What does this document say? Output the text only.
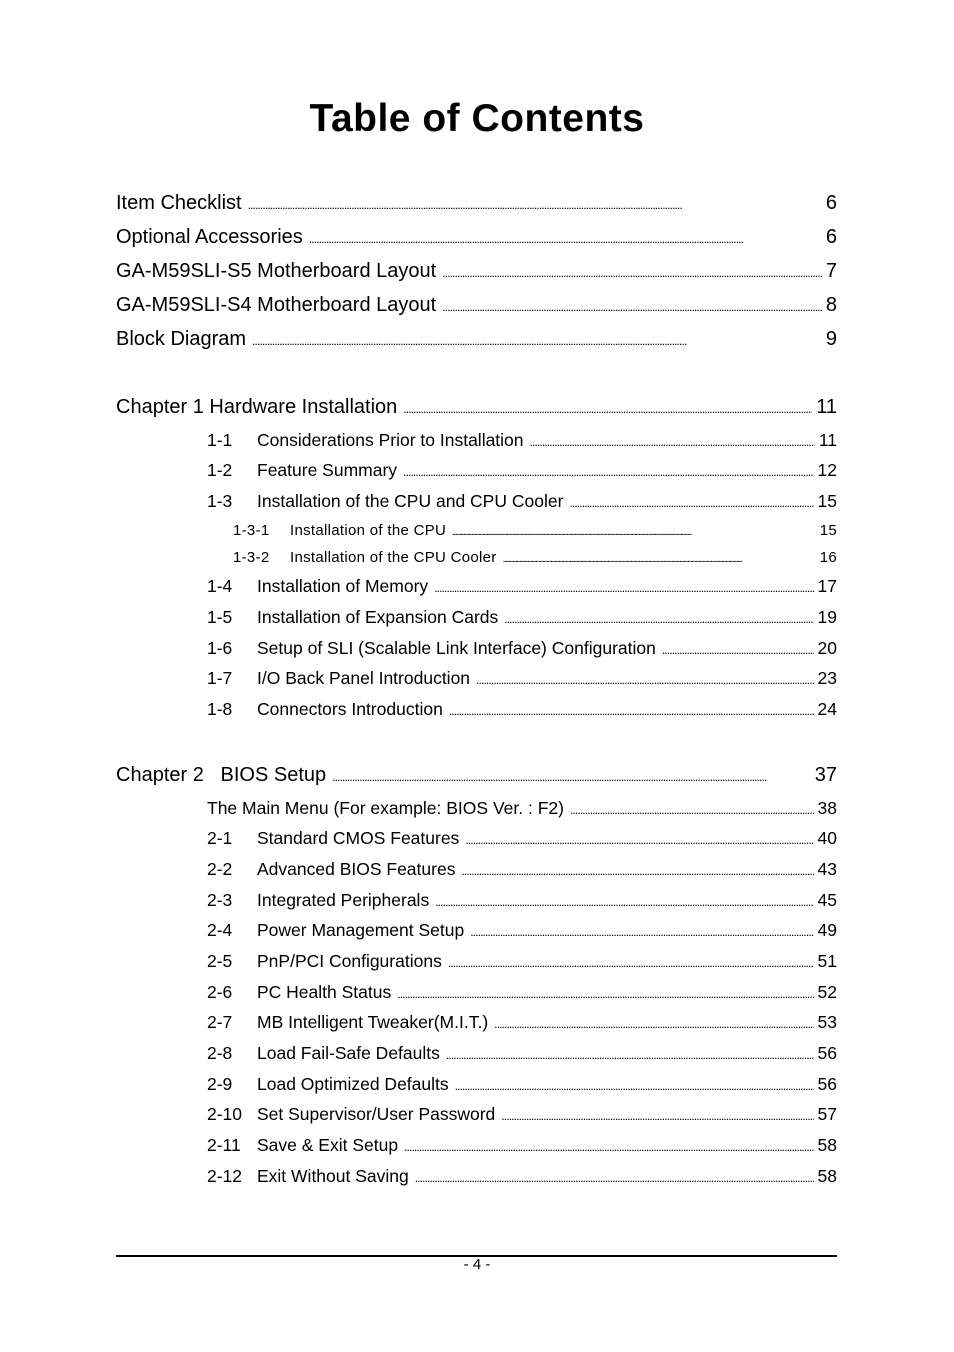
Table of Contents
Item Checklist . . .	6
Optional Accessories . . .	6
GA-M59SLI-S5 Motherboard Layout . . .	7
GA-M59SLI-S4 Motherboard Layout . . .	8
Block Diagram . . .	9
Chapter 1 Hardware Installation . . .	11
1-1	Considerations Prior to Installation . . .	11
1-2	Feature Summary . . .	12
1-3	Installation of the CPU and CPU Cooler . . .	15
1-3-1	Installation of the CPU . . .	15
1-3-2	Installation of the CPU Cooler . . .	16
1-4	Installation of Memory . . .	17
1-5	Installation of Expansion Cards . . .	19
1-6	Setup of SLI (Scalable Link Interface) Configuration . . .	20
1-7	I/O Back Panel Introduction . . .	23
1-8	Connectors Introduction . . .	24
Chapter 2   BIOS Setup . . .	37
The Main Menu (For example: BIOS Ver. : F2) . . .	38
2-1	Standard CMOS Features . . .	40
2-2	Advanced BIOS Features . . .	43
2-3	Integrated Peripherals . . .	45
2-4	Power Management Setup . . .	49
2-5	PnP/PCI Configurations . . .	51
2-6	PC Health Status . . .	52
2-7	MB Intelligent Tweaker(M.I.T.) . . .	53
2-8	Load Fail-Safe Defaults . . .	56
2-9	Load Optimized Defaults . . .	56
2-10 Set Supervisor/User Password . . .	57
2-11 Save & Exit Setup . . .	58
2-12 Exit Without Saving . . .	58
- 4 -
